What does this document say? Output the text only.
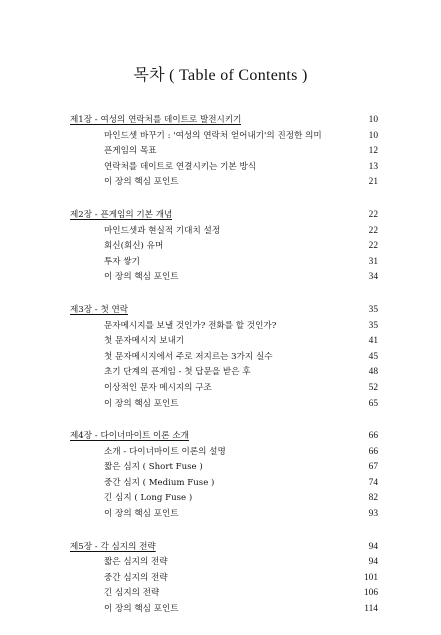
목차 ( Table of Contents )
제1장 - 여성의 연락처를 데이트로 발전시키기	10
마인드셋 바꾸기 : '여성의 연락처 얻어내기'의 진정한 의미	10
픈게임의 목표	12
연락처를 데이트로 연결시키는 기본 방식	13
이 장의 핵심 포인트	21
제2장 - 픈게임의 기본 개념	22
마인드셋과 현실적 기대치 설정	22
회신(회신) 유머	22
투자 쌓기	31
이 장의 핵심 포인트	34
제3장 - 첫 연락	35
문자메시지를 보낼 것인가? 전화를 할 것인가?	35
첫 문자메시지 보내기	41
첫 문자메시지에서 주로 저지르는 3가지 실수	45
초기 단계의 픈게임 - 첫 답문을 받은 후	48
이상적인 문자 메시지의 구조	52
이 장의 핵심 포인트	65
제4장 - 다이너마이트 이론 소개	66
소개 - 다이너마이트 이론의 설명	66
짧은 심지 ( Short Fuse )	67
중간 심지 ( Medium Fuse )	74
긴 심지 ( Long Fuse )	82
이 장의 핵심 포인트	93
제5장 - 각 심지의 전략	94
짧은 심지의 전략	94
중간 심지의 전략	101
긴 심지의 전략	106
이 장의 핵심 포인트	114
